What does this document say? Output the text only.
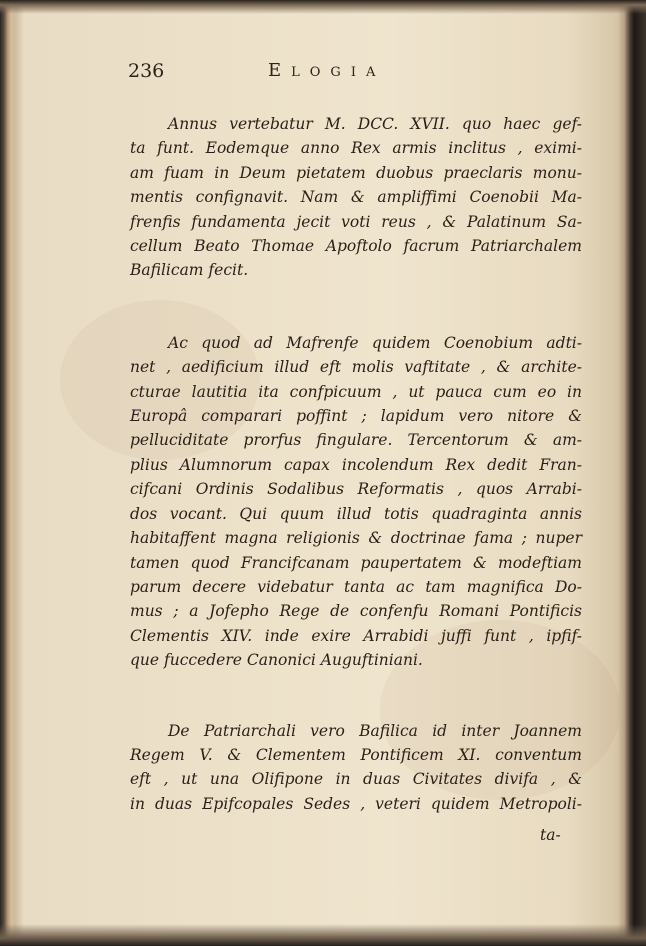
236	Elogia

Annus vertebatur M. DCC. XVII. quo haec gef-
ta funt. Eodemque anno Rex armis inclitus , eximi-
am fuam in Deum pietatem duobus praeclaris monu-
mentis confignavit. Nam & ampliffimi Coenobii Ma-
frenfis fundamenta jecit voti reus , & Palatinum Sa-
cellum Beato Thomae Apoftolo facrum Patriarchalem
Bafilicam fecit.

Ac quod ad Mafrenfe quidem Coenobium adti-
net , aedificium illud eft molis vaftitate , & archite-
cturae lautitia ita confpicuum , ut pauca cum eo in
Europâ comparari poffint ; lapidum vero nitore &
pelluciditate prorfus fingulare. Tercentorum & am-
plius Alumnorum capax incolendum Rex dedit Fran-
cifcani Ordinis Sodalibus Reformatis , quos Arrabi-
dos vocant. Qui quum illud totis quadraginta annis
habitaffent magna religionis & doctrinae fama ; nuper
tamen quod Francifcanam paupertatem & modeftiam
parum decere videbatur tanta ac tam magnifica Do-
mus ; a Jofepho Rege de confenfu Romani Pontificis
Clementis XIV. inde exire Arrabidi juffi funt , ipfif-
que fuccedere Canonici Auguftiniani.

De Patriarchali vero Bafilica id inter Joannem
Regem V. & Clementem Pontificem XI. conventum
eft , ut una Olifipone in duas Civitates divifa , &
in duas Epifcopales Sedes , veteri quidem Metropoli-

ta-
